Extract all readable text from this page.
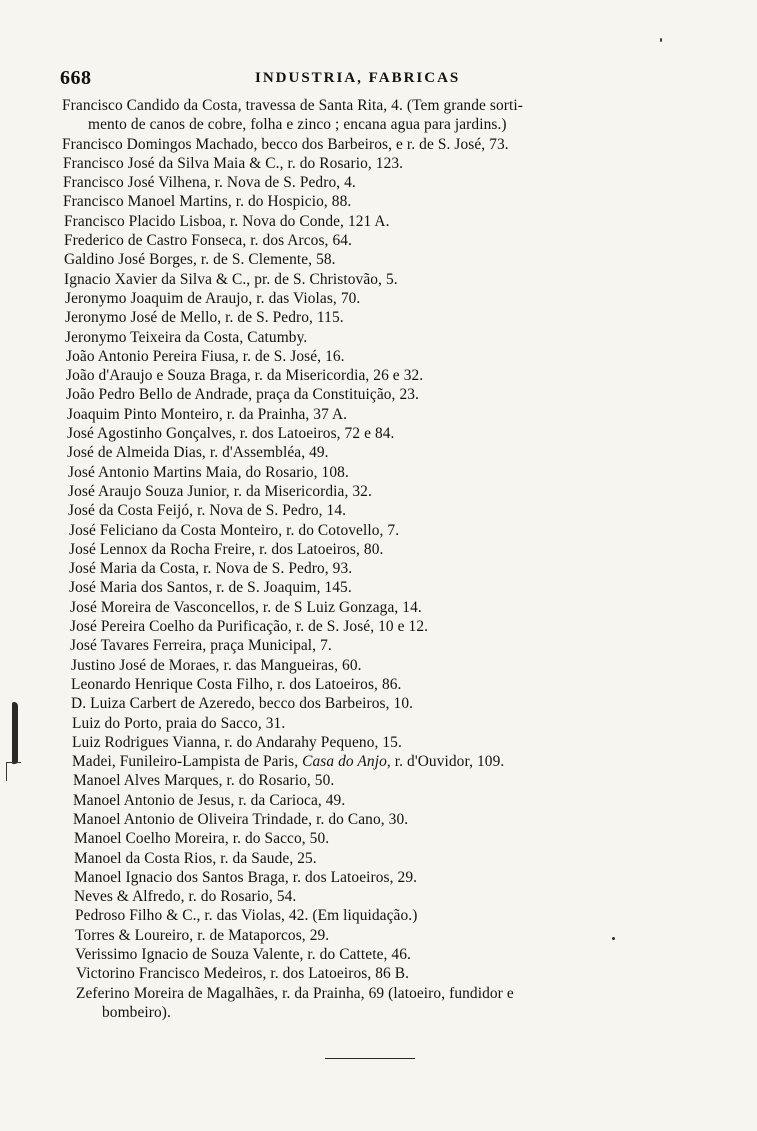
668	INDUSTRIA, FABRICAS
Francisco Candido da Costa, travessa de Santa Rita, 4. (Tem grande sorti-
mento de canos de cobre, folha e zinco ; encana agua para jardins.)
Francisco Domingos Machado, becco dos Barbeiros, e r. de S. José, 73.
Francisco José da Silva Maia & C., r. do Rosario, 123.
Francisco José Vilhena, r. Nova de S. Pedro, 4.
Francisco Manoel Martins, r. do Hospicio, 88.
Francisco Placido Lisboa, r. Nova do Conde, 121 A.
Frederico de Castro Fonseca, r. dos Arcos, 64.
Galdino José Borges, r. de S. Clemente, 58.
Ignacio Xavier da Silva & C., pr. de S. Christovão, 5.
Jeronymo Joaquim de Araujo, r. das Violas, 70.
Jeronymo José de Mello, r. de S. Pedro, 115.
Jeronymo Teixeira da Costa, Catumby.
João Antonio Pereira Fiusa, r. de S. José, 16.
João d'Araujo e Souza Braga, r. da Misericordia, 26 e 32.
João Pedro Bello de Andrade, praça da Constituição, 23.
Joaquim Pinto Monteiro, r. da Prainha, 37 A.
José Agostinho Gonçalves, r. dos Latoeiros, 72 e 84.
José de Almeida Dias, r. d'Assembléa, 49.
José Antonio Martins Maia, do Rosario, 108.
José Araujo Souza Junior, r. da Misericordia, 32.
José da Costa Feijó, r. Nova de S. Pedro, 14.
José Feliciano da Costa Monteiro, r. do Cotovello, 7.
José Lennox da Rocha Freire, r. dos Latoeiros, 80.
José Maria da Costa, r. Nova de S. Pedro, 93.
José Maria dos Santos, r. de S. Joaquim, 145.
José Moreira de Vasconcellos, r. de S Luiz Gonzaga, 14.
José Pereira Coelho da Purificação, r. de S. José, 10 e 12.
José Tavares Ferreira, praça Municipal, 7.
Justino José de Moraes, r. das Mangueiras, 60.
Leonardo Henrique Costa Filho, r. dos Latoeiros, 86.
D. Luiza Carbert de Azeredo, becco dos Barbeiros, 10.
Luiz do Porto, praia do Sacco, 31.
Luiz Rodrigues Vianna, r. do Andarahy Pequeno, 15.
Madei, Funileiro-Lampista de Paris, Casa do Anjo, r. d'Ouvidor, 109.
Manoel Alves Marques, r. do Rosario, 50.
Manoel Antonio de Jesus, r. da Carioca, 49.
Manoel Antonio de Oliveira Trindade, r. do Cano, 30.
Manoel Coelho Moreira, r. do Sacco, 50.
Manoel da Costa Rios, r. da Saude, 25.
Manoel Ignacio dos Santos Braga, r. dos Latoeiros, 29.
Neves & Alfredo, r. do Rosario, 54.
Pedroso Filho & C., r. das Violas, 42. (Em liquidação.)
Torres & Loureiro, r. de Mataporcos, 29.
Verissimo Ignacio de Souza Valente, r. do Cattete, 46.
Victorino Francisco Medeiros, r. dos Latoeiros, 86 B.
Zeferino Moreira de Magalhães, r. da Prainha, 69 (latoeiro, fundidor e
bombeiro).
